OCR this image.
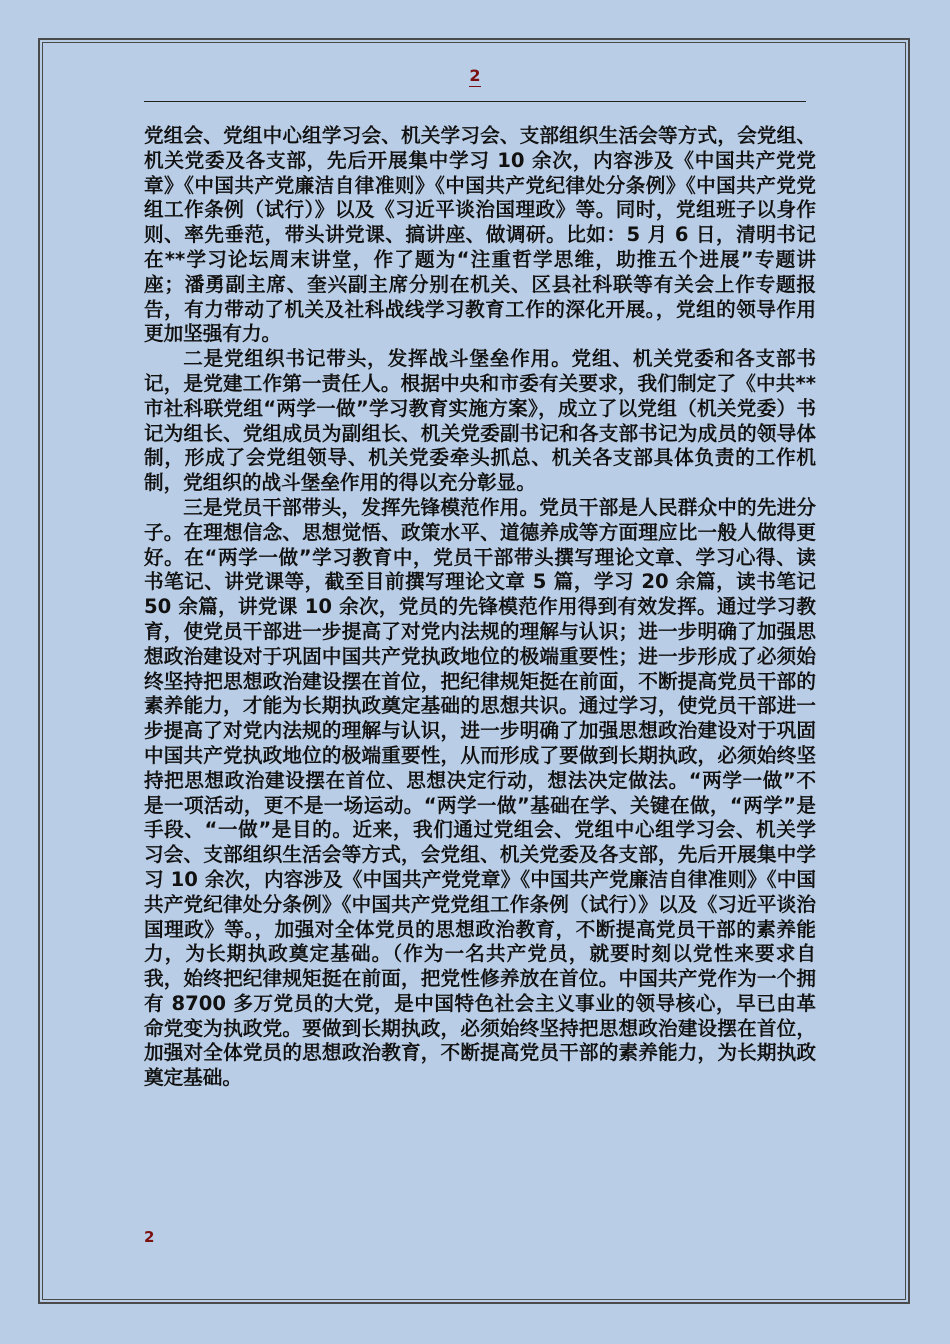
2

党组会、党组中心组学习会、机关学习会、支部组织生活会等方式，会党组、机关党委及各支部，先后开展集中学习 10 余次，内容涉及《中国共产党党章》《中国共产党廉洁自律准则》《中国共产党纪律处分条例》《中国共产党党组工作条例（试行）》以及《习近平谈治国理政》等。同时，党组班子以身作则、率先垂范，带头讲党课、搞讲座、做调研。比如：5 月 6 日，清明书记在**学习论坛周末讲堂，作了题为“注重哲学思维，助推五个进展”专题讲座；潘勇副主席、奎兴副主席分别在机关、区县社科联等有关会上作专题报告，有力带动了机关及社科战线学习教育工作的深化开展。，党组的领导作用更加坚强有力。

二是党组织书记带头，发挥战斗堡垒作用。党组、机关党委和各支部书记，是党建工作第一责任人。根据中央和市委有关要求，我们制定了《中共**市社科联党组“两学一做”学习教育实施方案》，成立了以党组（机关党委）书记为组长、党组成员为副组长、机关党委副书记和各支部书记为成员的领导体制，形成了会党组领导、机关党委牵头抓总、机关各支部具体负责的工作机制，党组织的战斗堡垒作用的得以充分彰显。

三是党员干部带头，发挥先锋模范作用。党员干部是人民群众中的先进分子。在理想信念、思想觉悟、政策水平、道德养成等方面理应比一般人做得更好。在“两学一做”学习教育中，党员干部带头撰写理论文章、学习心得、读书笔记、讲党课等，截至目前撰写理论文章 5 篇，学习 20 余篇，读书笔记 50 余篇，讲党课 10 余次，党员的先锋模范作用得到有效发挥。通过学习教育，使党员干部进一步提高了对党内法规的理解与认识；进一步明确了加强思想政治建设对于巩固中国共产党执政地位的极端重要性；进一步形成了必须始终坚持把思想政治建设摆在首位，把纪律规矩挺在前面，不断提高党员干部的素养能力，才能为长期执政奠定基础的思想共识。通过学习，使党员干部进一步提高了对党内法规的理解与认识，进一步明确了加强思想政治建设对于巩固中国共产党执政地位的极端重要性，从而形成了要做到长期执政，必须始终坚持把思想政治建设摆在首位、思想决定行动，想法决定做法。“两学一做”不是一项活动，更不是一场运动。“两学一做”基础在学、关键在做，“两学”是手段、“一做”是目的。近来，我们通过党组会、党组中心组学习会、机关学习会、支部组织生活会等方式，会党组、机关党委及各支部，先后开展集中学习 10 余次，内容涉及《中国共产党党章》《中国共产党廉洁自律准则》《中国共产党纪律处分条例》《中国共产党党组工作条例（试行）》以及《习近平谈治国理政》等。，加强对全体党员的思想政治教育，不断提高党员干部的素养能力，为长期执政奠定基础。（作为一名共产党员，就要时刻以党性来要求自我，始终把纪律规矩挺在前面，把党性修养放在首位。中国共产党作为一个拥有 8700 多万党员的大党，是中国特色社会主义事业的领导核心，早已由革命党变为执政党。要做到长期执政，必须始终坚持把思想政治建设摆在首位，加强对全体党员的思想政治教育，不断提高党员干部的素养能力，为长期执政奠定基础。

2
